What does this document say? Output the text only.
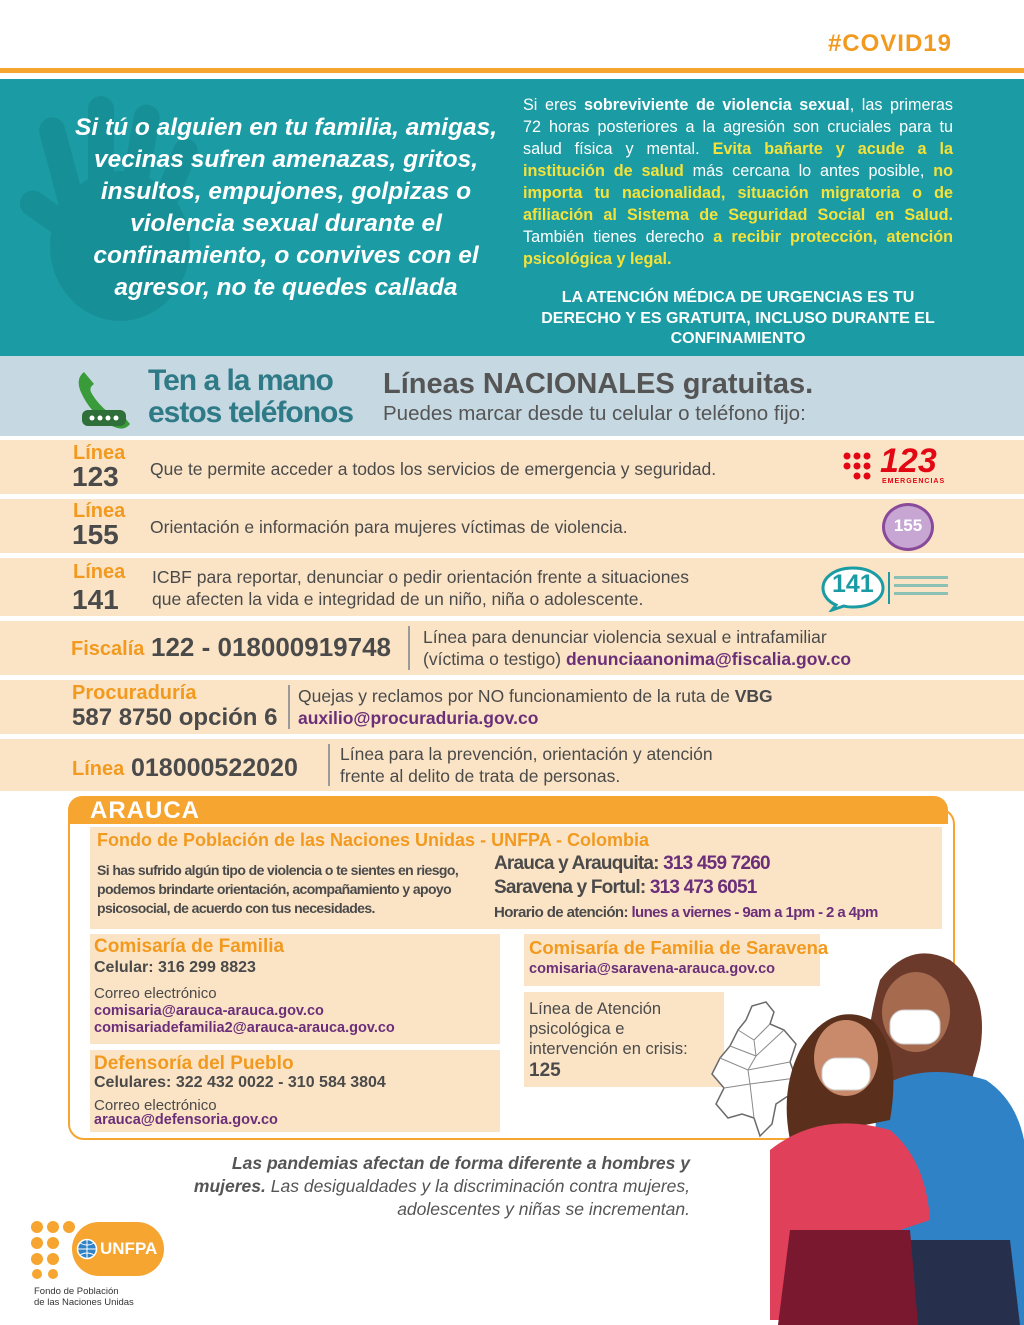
#COVID19
Si tú o alguien en tu familia, amigas, vecinas sufren amenazas, gritos, insultos, empujones, golpizas o violencia sexual durante el confinamiento, o convives con el agresor, no te quedes callada
Si eres sobreviviente de violencia sexual, las primeras 72 horas posteriores a la agresión son cruciales para tu salud física y mental. Evita bañarte y acude a la institución de salud más cercana lo antes posible, no importa tu nacionalidad, situación migratoria o de afiliación al Sistema de Seguridad Social en Salud. También tienes derecho a recibir protección, atención psicológica y legal.
LA ATENCIÓN MÉDICA DE URGENCIAS ES TU DERECHO Y ES GRATUITA, INCLUSO DURANTE EL CONFINAMIENTO
Ten a la mano
estos teléfonos
Líneas NACIONALES gratuitas.
Puedes marcar desde tu celular o teléfono fijo:
Línea
123 Que te permite acceder a todos los servicios de emergencia y seguridad.	123
EMERGENCIAS
Línea
155 Orientación e información para mujeres víctimas de violencia.	155
Línea
141
ICBF para reportar, denunciar o pedir orientación frente a situaciones
que afecten la vida e integridad de un niño, niña o adolescente.
141
Fiscalía 122 - 018000919748 Línea para denunciar violencia sexual e intrafamiliar
(víctima o testigo) denunciaanonima@fiscalia.gov.co
Procuraduría
587 8750 opción 6
Quejas y reclamos por NO funcionamiento de la ruta de VBG
auxilio@procuraduria.gov.co
Línea 018000522020 Línea para la prevención, orientación y atención
frente al delito de trata de personas.
ARAUCA
Fondo de Población de las Naciones Unidas - UNFPA - Colombia
Si has sufrido algún tipo de violencia o te sientes en riesgo, podemos brindarte orientación, acompañamiento y apoyo psicosocial, de acuerdo con tus necesidades.
Arauca y Arauquita: 313 459 7260
Saravena y Fortul: 313 473 6051
Horario de atención: lunes a viernes - 9am a 1pm - 2 a 4pm
Comisaría de Familia
Celular: 316 299 8823
Correo electrónico
comisaria@arauca-arauca.gov.co
comisariadefamilia2@arauca-arauca.gov.co
Defensoría del Pueblo
Celulares: 322 432 0022 - 310 584 3804
Correo electrónico
arauca@defensoria.gov.co
Comisaría de Familia de Saravena
comisaria@saravena-arauca.gov.co
Línea de Atención psicológica e intervención en crisis:
125
Las pandemias afectan de forma diferente a hombres y mujeres. Las desigualdades y la discriminación contra mujeres, adolescentes y niñas se incrementan.
UNFPA
Fondo de Población
de las Naciones Unidas
